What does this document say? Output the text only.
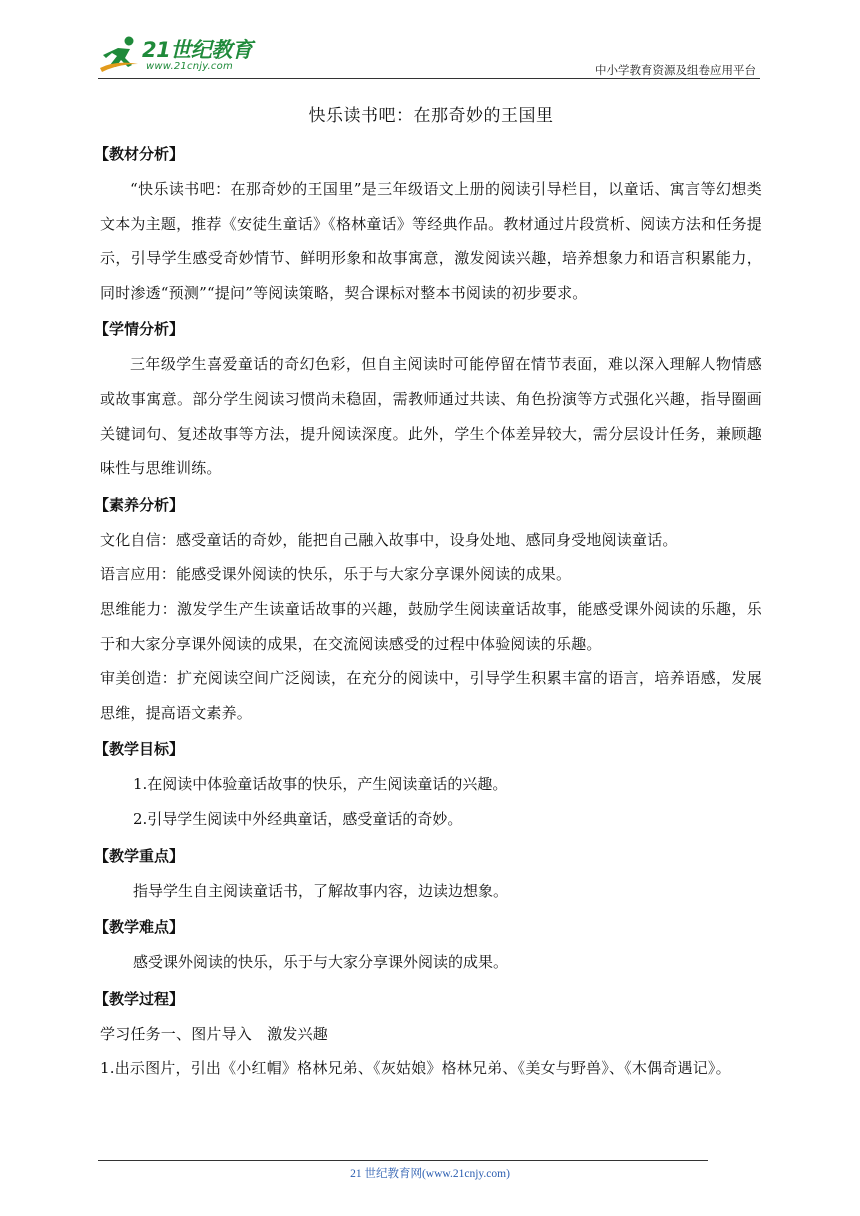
21世纪教育
www.21cnjy.com	中小学教育资源及组卷应用平台
快乐读书吧：在那奇妙的王国里
【教材分析】

“快乐读书吧：在那奇妙的王国里”是三年级语文上册的阅读引导栏目，以童话、寓言等幻想类文本为主题，推荐《安徒生童话》《格林童话》等经典作品。教材通过片段赏析、阅读方法和任务提示，引导学生感受奇妙情节、鲜明形象和故事寓意，激发阅读兴趣，培养想象力和语言积累能力，同时渗透“预测”“提问”等阅读策略，契合课标对整本书阅读的初步要求。

【学情分析】

三年级学生喜爱童话的奇幻色彩，但自主阅读时可能停留在情节表面，难以深入理解人物情感或故事寓意。部分学生阅读习惯尚未稳固，需教师通过共读、角色扮演等方式强化兴趣，指导圈画关键词句、复述故事等方法，提升阅读深度。此外，学生个体差异较大，需分层设计任务，兼顾趣味性与思维训练。

【素养分析】

文化自信：感受童话的奇妙，能把自己融入故事中，设身处地、感同身受地阅读童话。

语言应用：能感受课外阅读的快乐，乐于与大家分享课外阅读的成果。

思维能力：激发学生产生读童话故事的兴趣，鼓励学生阅读童话故事，能感受课外阅读的乐趣，乐于和大家分享课外阅读的成果，在交流阅读感受的过程中体验阅读的乐趣。

审美创造：扩充阅读空间广泛阅读，在充分的阅读中，引导学生积累丰富的语言，培养语感，发展思维，提高语文素养。

【教学目标】

1.在阅读中体验童话故事的快乐，产生阅读童话的兴趣。

2.引导学生阅读中外经典童话，感受童话的奇妙。

【教学重点】

指导学生自主阅读童话书，了解故事内容，边读边想象。

【教学难点】

感受课外阅读的快乐，乐于与大家分享课外阅读的成果。

【教学过程】

学习任务一、图片导入　激发兴趣

1.出示图片，引出《小红帽》格林兄弟、《灰姑娘》格林兄弟、《美女与野兽》、《木偶奇遇记》。

21 世纪教育网(www.21cnjy.com)
